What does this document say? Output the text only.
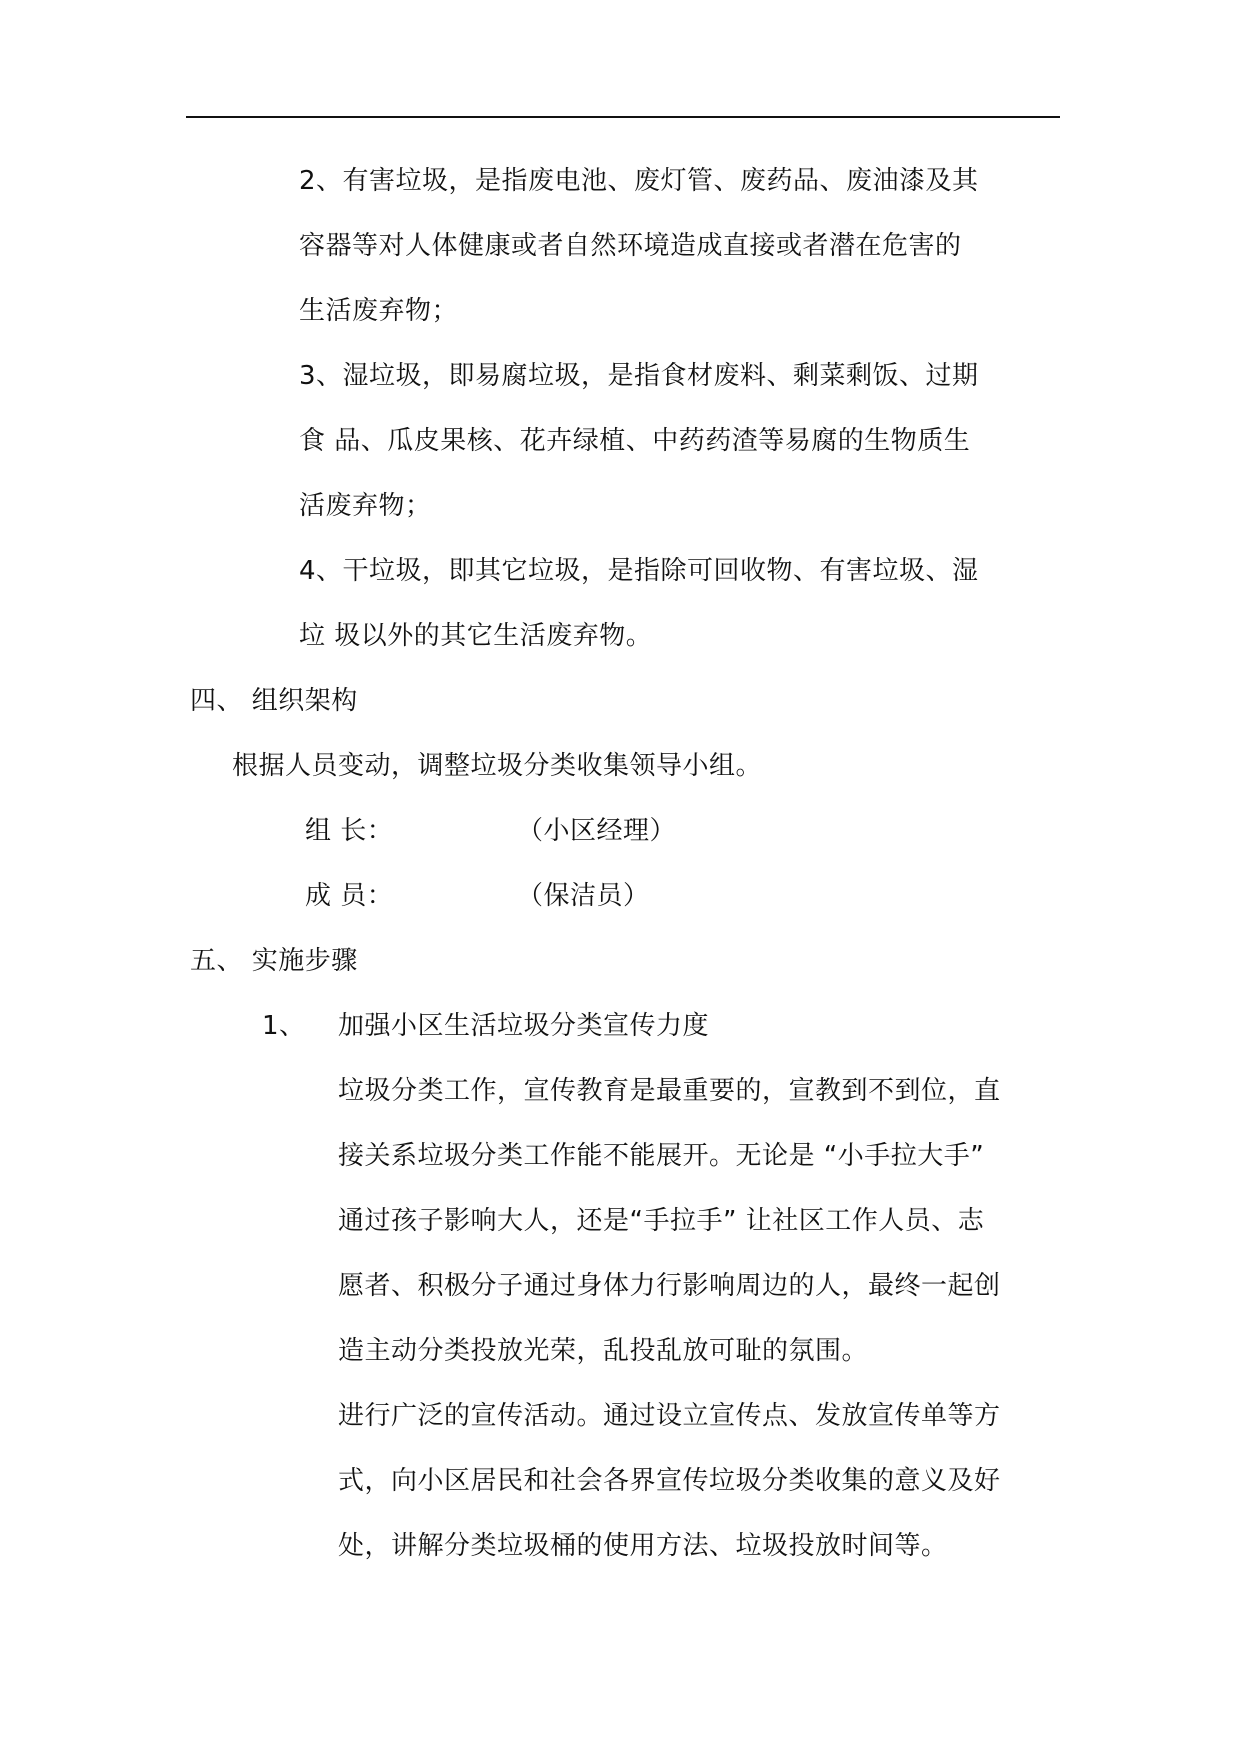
2、有害垃圾，是指废电池、废灯管、废药品、废油漆及其
容器等对人体健康或者自然环境造成直接或者潜在危害的
生活废弃物；
3、湿垃圾，即易腐垃圾，是指食材废料、剩菜剩饭、过期
食 品、瓜皮果核、花卉绿植、中药药渣等易腐的生物质生
活废弃物；
4、干垃圾，即其它垃圾，是指除可回收物、有害垃圾、湿
垃 圾以外的其它生活废弃物。
四、 组织架构
根据人员变动，调整垃圾分类收集领导小组。
组 长：	（小区经理）
成 员：	（保洁员）
五、 实施步骤
1、 加强小区生活垃圾分类宣传力度
垃圾分类工作，宣传教育是最重要的，宣教到不到位，直
接关系垃圾分类工作能不能展开。无论是 “小手拉大手”
通过孩子影响大人，还是“手拉手” 让社区工作人员、志
愿者、积极分子通过身体力行影响周边的人，最终一起创
造主动分类投放光荣，乱投乱放可耻的氛围。
进行广泛的宣传活动。通过设立宣传点、发放宣传单等方
式，向小区居民和社会各界宣传垃圾分类收集的意义及好
处，讲解分类垃圾桶的使用方法、垃圾投放时间等。
